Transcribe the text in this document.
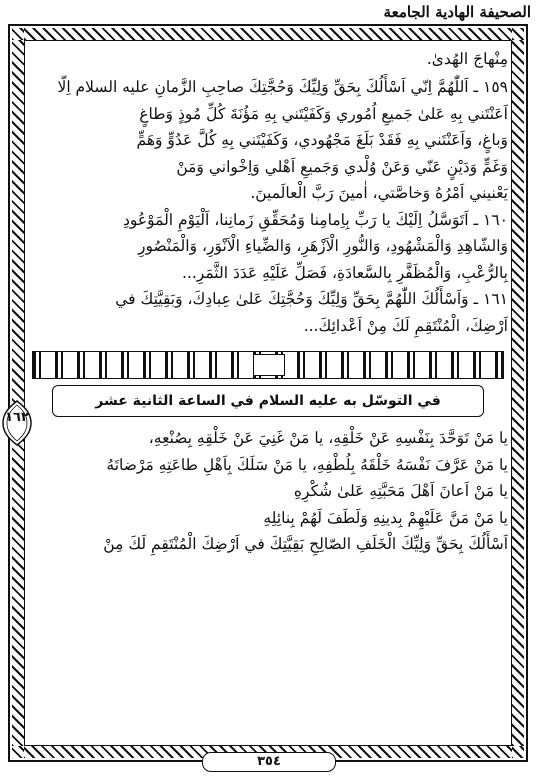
الصحيفة الهادية الجامعة
مِنْهاجَ الهُدىٰ.
١٥٩ ـ اَللّٰهُمَّ اِنّي اَسْأَلُكَ بِحَقِّ وَلِيِّكَ وَحُجَّتِكَ صاحِبِ الزَّمانِ عليه السلام اِلّا
اَعَنْتَني بِهِ عَلىٰ جَميعِ اُمُوري وَكَفَيْتَني بِهِ مَؤُنَةَ كُلِّ مُوذٍ وَطاغٍ
وَباغٍ، وَاَعَنْتَني بِهِ فَقَدْ بَلَغَ مَجْهُودي، وَكَفَيْتَني بِهِ كُلَّ عَدُوٍّ وَهَمٍّ
وَغَمٍّ وَدَيْنٍ عَنّي وَعَنْ وُلْدي وَجَميعِ اَهْلي وَاِخْواني وَمَنْ
يَعْنيني اَمْرُهُ وَخاصَّتي، اٰمينَ رَبَّ الْعالَمينَ.
١٦٠ ـ اَتَوَسَّلُ اِلَيْكَ يا رَبِّ بِاِمامِنا وَمُحَقِّقِ زَمانِنا، اَلْيَوْمِ الْمَوْعُودِ
وَالشّاهِدِ وَالْمَشْهُودِ، وَالنُّورِ الْاَزْهَرِ، وَالضِّياءِ الْاَنْوَرِ، وَالْمَنْصُورِ
بِالرُّعْبِ، وَالْمُظَفَّرِ بِالسَّعادَةِ، فَصَلِّ عَلَيْهِ عَدَدَ الثَّمَرِ...
١٦١ ـ وَاَسْأَلُكَ اللّٰهُمَّ بِحَقِّ وَلِيِّكَ وَحُجَّتِكَ عَلىٰ عِبادِكَ، وَبَقِيَّتِكَ في
اَرْضِكَ، الْمُنْتَقِمِ لَكَ مِنْ اَعْدائِكَ...
في التوسّل به عليه السلام في الساعة الثانية عشر
يا مَنْ تَوَحَّدَ بِنَفْسِهِ عَنْ خَلْقِهِ، يا مَنْ غَنِيَ عَنْ خَلْقِهِ بِصُنْعِهِ،
يا مَنْ عَرَّفَ نَفْسَهُ خَلْقَهُ بِلُطْفِهِ، يا مَنْ سَلَكَ بِاَهْلِ طاعَتِهِ مَرْضاتَهُ
يا مَنْ اَعانَ اَهْلَ مَحَبَّتِهِ عَلىٰ شُكْرِهِ
يا مَنْ مَنَّ عَلَيْهِمْ بِدينِهِ وَلَطَفَ لَهُمْ بِنائِلِهِ
اَسْأَلُكَ بِحَقِّ وَلِيِّكَ الْخَلَفِ الصّالِحِ بَقِيَّتِكَ في اَرْضِكَ الْمُنْتَقِمِ لَكَ مِنْ
١٦٢
٣٥٤
